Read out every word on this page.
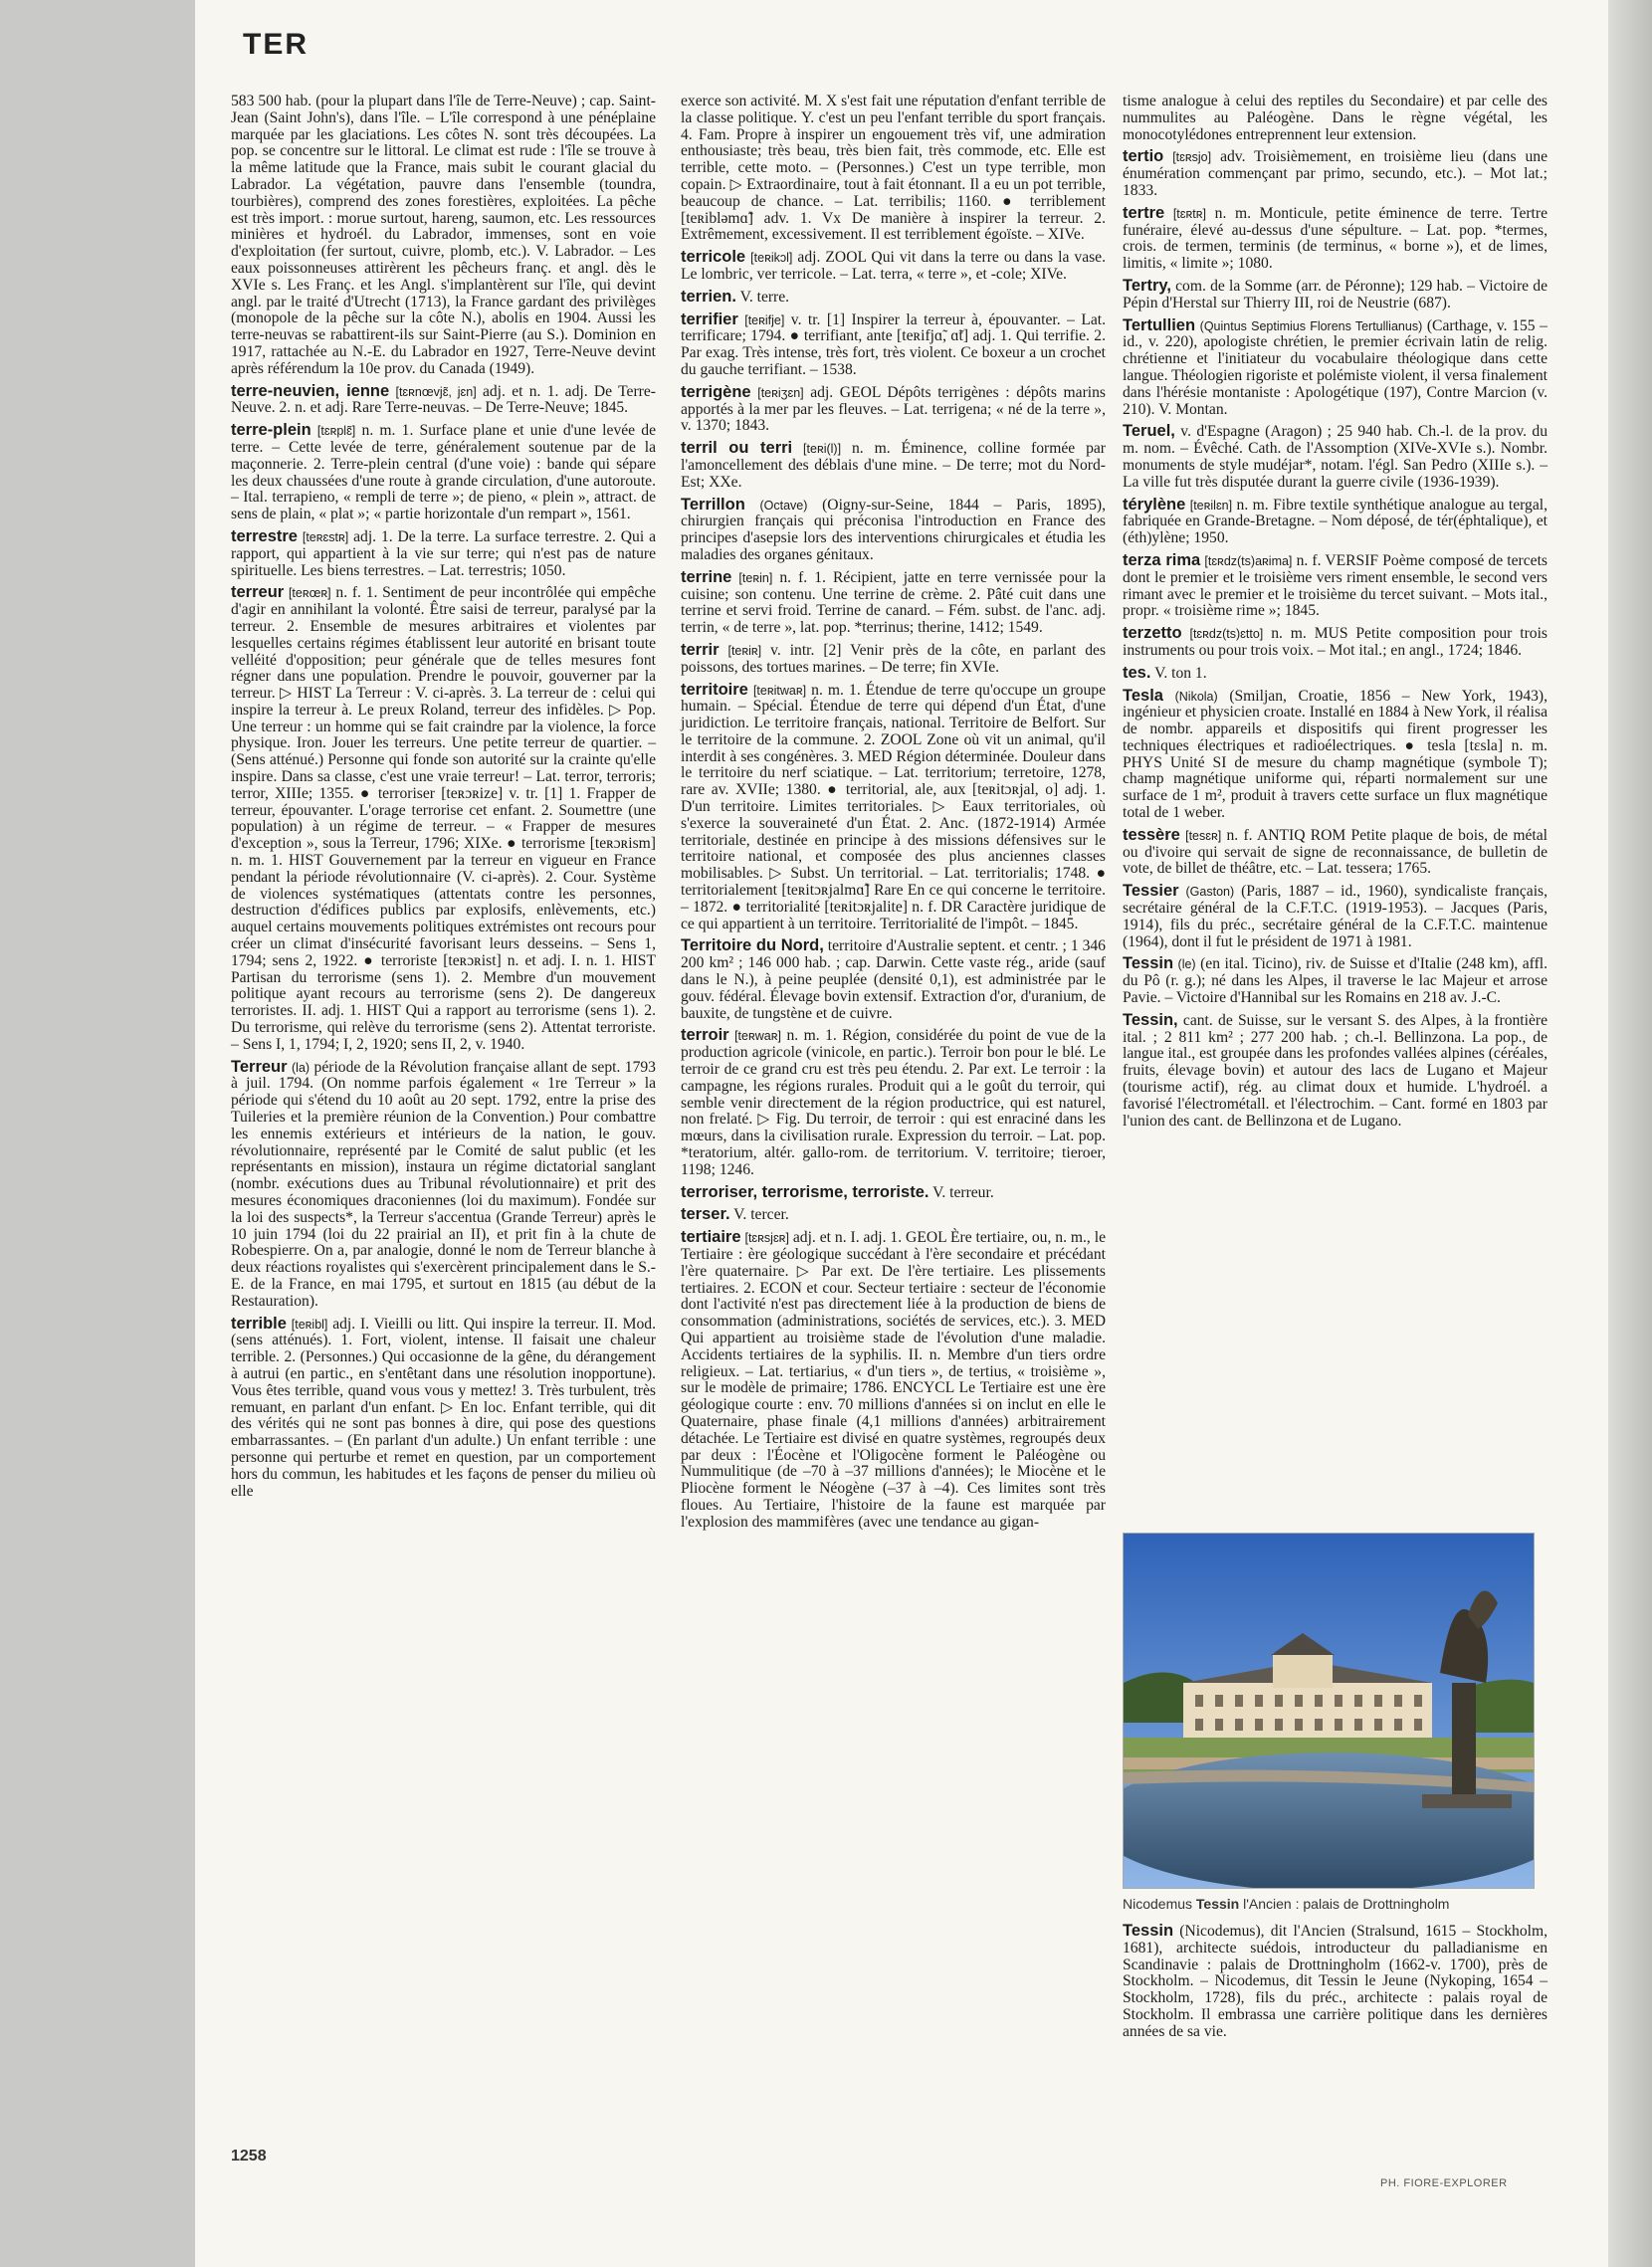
TER
583 500 hab. (pour la plupart dans l'île de Terre-Neuve) ; cap. Saint-Jean (Saint John's), dans l'île. – L'île correspond à une pénéplaine marquée par les glaciations. Les côtes N. sont très découpées. La pop. se concentre sur le littoral. Le climat est rude : l'île se trouve à la même latitude que la France, mais subit le courant glacial du Labrador. La végétation, pauvre dans l'ensemble (toundra, tourbières), comprend des zones forestières, exploitées. La pêche est très import. : morue surtout, hareng, saumon, etc. Les ressources minières et hydroél. du Labrador, immenses, sont en voie d'exploitation (fer surtout, cuivre, plomb, etc.). V. Labrador. – Les eaux poissonneuses attirèrent les pêcheurs franç. et angl. dès le XVIe s. Les Franç. et les Angl. s'implantèrent sur l'île, qui devint angl. par le traité d'Utrecht (1713), la France gardant des privilèges (monopole de la pêche sur la côte N.), abolis en 1904. Aussi les terre-neuvas se rabattirent-ils sur Saint-Pierre (au S.). Dominion en 1917, rattachée au N.-E. du Labrador en 1927, Terre-Neuve devint après référendum la 10e prov. du Canada (1949).
terre-neuvien, ienne [tɛʀnœvjɛ̃, jɛn] adj. et n. 1. adj. De Terre-Neuve. 2. n. et adj. Rare Terre-neuvas. – De Terre-Neuve; 1845.
terre-plein [tɛʀplɛ̃] n. m. 1. Surface plane et unie d'une levée de terre. – Cette levée de terre, généralement soutenue par de la maçonnerie. 2. Terre-plein central (d'une voie) : bande qui sépare les deux chaussées d'une route à grande circulation, d'une autoroute. – Ital. terrapieno, « rempli de terre »; de pieno, « plein », attract. de sens de plain, « plat »; « partie horizontale d'un rempart », 1561.
terrestre [teʀɛstʀ] adj. 1. De la terre. La surface terrestre. 2. Qui a rapport, qui appartient à la vie sur terre; qui n'est pas de nature spirituelle. Les biens terrestres. – Lat. terrestris; 1050.
terreur [teʀœʀ] n. f. 1. Sentiment de peur incontrôlée qui empêche d'agir en annihilant la volonté. Être saisi de terreur, paralysé par la terreur. 2. Ensemble de mesures arbitraires et violentes par lesquelles certains régimes établissent leur autorité en brisant toute velléité d'opposition; peur générale que de telles mesures font régner dans une population. Prendre le pouvoir, gouverner par la terreur. ▷ HIST La Terreur : V. ci-après. 3. La terreur de : celui qui inspire la terreur à. Le preux Roland, terreur des infidèles. ▷ Pop. Une terreur : un homme qui se fait craindre par la violence, la force physique. Iron. Jouer les terreurs. Une petite terreur de quartier. – (Sens atténué.) Personne qui fonde son autorité sur la crainte qu'elle inspire. Dans sa classe, c'est une vraie terreur! – Lat. terror, terroris; terror, XIIIe; 1355. ● terroriser [teʀɔʀize] v. tr. [1] 1. Frapper de terreur, épouvanter. L'orage terrorise cet enfant. 2. Soumettre (une population) à un régime de terreur. – « Frapper de mesures d'exception », sous la Terreur, 1796; XIXe. ● terrorisme [teʀɔʀism] n. m. 1. HIST Gouvernement par la terreur en vigueur en France pendant la période révolutionnaire (V. ci-après). 2. Cour. Système de violences systématiques (attentats contre les personnes, destruction d'édifices publics par explosifs, enlèvements, etc.) auquel certains mouvements politiques extrémistes ont recours pour créer un climat d'insécurité favorisant leurs desseins. – Sens 1, 1794; sens 2, 1922. ● terroriste [teʀɔʀist] n. et adj. I. n. 1. HIST Partisan du terrorisme (sens 1). 2. Membre d'un mouvement politique ayant recours au terrorisme (sens 2). De dangereux terroristes. II. adj. 1. HIST Qui a rapport au terrorisme (sens 1). 2. Du terrorisme, qui relève du terrorisme (sens 2). Attentat terroriste. – Sens I, 1, 1794; I, 2, 1920; sens II, 2, v. 1940.
Terreur (la) période de la Révolution française allant de sept. 1793 à juil. 1794. (On nomme parfois également « 1re Terreur » la période qui s'étend du 10 août au 20 sept. 1792, entre la prise des Tuileries et la première réunion de la Convention.) Pour combattre les ennemis extérieurs et intérieurs de la nation, le gouv. révolutionnaire, représenté par le Comité de salut public (et les représentants en mission), instaura un régime dictatorial sanglant (nombr. exécutions dues au Tribunal révolutionnaire) et prit des mesures économiques draconiennes (loi du maximum). Fondée sur la loi des suspects*, la Terreur s'accentua (Grande Terreur) après le 10 juin 1794 (loi du 22 prairial an II), et prit fin à la chute de Robespierre. On a, par analogie, donné le nom de Terreur blanche à deux réactions royalistes qui s'exercèrent principalement dans le S.-E. de la France, en mai 1795, et surtout en 1815 (au début de la Restauration).
terrible [teʀibl] adj. I. Vieilli ou litt. Qui inspire la terreur. II. Mod. (sens atténués). 1. Fort, violent, intense. Il faisait une chaleur terrible. 2. (Personnes.) Qui occasionne de la gêne, du dérangement à autrui (en partic., en s'entêtant dans une résolution inopportune). Vous êtes terrible, quand vous vous y mettez! 3. Très turbulent, très remuant, en parlant d'un enfant. ▷ En loc. Enfant terrible, qui dit des vérités qui ne sont pas bonnes à dire, qui pose des questions embarrassantes. – (En parlant d'un adulte.) Un enfant terrible : une personne qui perturbe et remet en question, par un comportement hors du commun, les habitudes et les façons de penser du milieu où elle
exerce son activité. M. X s'est fait une réputation d'enfant terrible de la classe politique. Y. c'est un peu l'enfant terrible du sport français. 4. Fam. Propre à inspirer un engouement très vif, une admiration enthousiaste; très beau, très bien fait, très commode, etc. Elle est terrible, cette moto. – (Personnes.) C'est un type terrible, mon copain. ▷ Extraordinaire, tout à fait étonnant. Il a eu un pot terrible, beaucoup de chance. – Lat. terribilis; 1160. ● terriblement [teʀibləmɑ̃] adv. 1. Vx De manière à inspirer la terreur. 2. Extrêmement, excessivement. Il est terriblement égoïste. – XIVe.
terricole [teʀikɔl] adj. ZOOL Qui vit dans la terre ou dans la vase. Le lombric, ver terricole. – Lat. terra, « terre », et -cole; XIVe.
terrien. V. terre.
terrifier [teʀifje] v. tr. [1] Inspirer la terreur à, épouvanter. – Lat. terrificare; 1794. ● terrifiant, ante [teʀifjɑ̃, ɑ̃t] adj. 1. Qui terrifie. 2. Par exag. Très intense, très fort, très violent. Ce boxeur a un crochet du gauche terrifiant. – 1538.
terrigène [teʀiʒɛn] adj. GEOL Dépôts terrigènes : dépôts marins apportés à la mer par les fleuves. – Lat. terrigena; « né de la terre », v. 1370; 1843.
terril ou terri [teʀi(l)] n. m. Éminence, colline formée par l'amoncellement des déblais d'une mine. – De terre; mot du Nord-Est; XXe.
Terrillon (Octave) (Oigny-sur-Seine, 1844 – Paris, 1895), chirurgien français qui préconisa l'introduction en France des principes d'asepsie lors des interventions chirurgicales et étudia les maladies des organes génitaux.
terrine [teʀin] n. f. 1. Récipient, jatte en terre vernissée pour la cuisine; son contenu. Une terrine de crème. 2. Pâté cuit dans une terrine et servi froid. Terrine de canard. – Fém. subst. de l'anc. adj. terrin, « de terre », lat. pop. *terrinus; therine, 1412; 1549.
terrir [teʀiʀ] v. intr. [2] Venir près de la côte, en parlant des poissons, des tortues marines. – De terre; fin XVIe.
territoire [teʀitwaʀ] n. m. 1. Étendue de terre qu'occupe un groupe humain. – Spécial. Étendue de terre qui dépend d'un État, d'une juridiction. Le territoire français, national. Territoire de Belfort. Sur le territoire de la commune. 2. ZOOL Zone où vit un animal, qu'il interdit à ses congénères. 3. MED Région déterminée. Douleur dans le territoire du nerf sciatique. – Lat. territorium; terretoire, 1278, rare av. XVIIe; 1380. ● territorial, ale, aux [teʀitɔʀjal, o] adj. 1. D'un territoire. Limites territoriales. ▷ Eaux territoriales, où s'exerce la souveraineté d'un État. 2. Anc. (1872-1914) Armée territoriale, destinée en principe à des missions défensives sur le territoire national, et composée des plus anciennes classes mobilisables. ▷ Subst. Un territorial. – Lat. territorialis; 1748. ● territorialement [teʀitɔʀjalmɑ̃] Rare En ce qui concerne le territoire. – 1872. ● territorialité [teʀitɔʀjalite] n. f. DR Caractère juridique de ce qui appartient à un territoire. Territorialité de l'impôt. – 1845.
Territoire du Nord, territoire d'Australie septent. et centr. ; 1 346 200 km² ; 146 000 hab. ; cap. Darwin. Cette vaste rég., aride (sauf dans le N.), à peine peuplée (densité 0,1), est administrée par le gouv. fédéral. Élevage bovin extensif. Extraction d'or, d'uranium, de bauxite, de tungstène et de cuivre.
terroir [teʀwaʀ] n. m. 1. Région, considérée du point de vue de la production agricole (vinicole, en partic.). Terroir bon pour le blé. Le terroir de ce grand cru est très peu étendu. 2. Par ext. Le terroir : la campagne, les régions rurales. Produit qui a le goût du terroir, qui semble venir directement de la région productrice, qui est naturel, non frelaté. ▷ Fig. Du terroir, de terroir : qui est enraciné dans les mœurs, dans la civilisation rurale. Expression du terroir. – Lat. pop. *teratorium, altér. gallo-rom. de territorium. V. territoire; tieroer, 1198; 1246.
terroriser, terrorisme, terroriste. V. terreur.
terser. V. tercer.
tertiaire [tɛʀsjɛʀ] adj. et n. I. adj. 1. GEOL Ère tertiaire, ou, n. m., le Tertiaire : ère géologique succédant à l'ère secondaire et précédant l'ère quaternaire. ▷ Par ext. De l'ère tertiaire. Les plissements tertiaires. 2. ECON et cour. Secteur tertiaire : secteur de l'économie dont l'activité n'est pas directement liée à la production de biens de consommation (administrations, sociétés de services, etc.). 3. MED Qui appartient au troisième stade de l'évolution d'une maladie. Accidents tertiaires de la syphilis. II. n. Membre d'un tiers ordre religieux. – Lat. tertiarius, « d'un tiers », de tertius, « troisième », sur le modèle de primaire; 1786. ENCYCL Le Tertiaire est une ère géologique courte : env. 70 millions d'années si on inclut en elle le Quaternaire, phase finale (4,1 millions d'années) arbitrairement détachée. Le Tertiaire est divisé en quatre systèmes, regroupés deux par deux : l'Éocène et l'Oligocène forment le Paléogène ou Nummulitique (de –70 à –37 millions d'années); le Miocène et le Pliocène forment le Néogène (–37 à –4). Ces limites sont très floues. Au Tertiaire, l'histoire de la faune est marquée par l'explosion des mammifères (avec une tendance au gigan-
tisme analogue à celui des reptiles du Secondaire) et par celle des nummulites au Paléogène. Dans le règne végétal, les monocotylédones entreprennent leur extension.
tertio [tɛʀsjo] adv. Troisièmement, en troisième lieu (dans une énumération commençant par primo, secundo, etc.). – Mot lat.; 1833.
tertre [tɛʀtʀ] n. m. Monticule, petite éminence de terre. Tertre funéraire, élevé au-dessus d'une sépulture. – Lat. pop. *termes, crois. de termen, terminis (de terminus, « borne »), et de limes, limitis, « limite »; 1080.
Tertry, com. de la Somme (arr. de Péronne); 129 hab. – Victoire de Pépin d'Herstal sur Thierry III, roi de Neustrie (687).
Tertullien (Quintus Septimius Florens Tertullianus) (Carthage, v. 155 – id., v. 220), apologiste chrétien, le premier écrivain latin de relig. chrétienne et l'initiateur du vocabulaire théologique dans cette langue. Théologien rigoriste et polémiste violent, il versa finalement dans l'hérésie montaniste : Apologétique (197), Contre Marcion (v. 210). V. Montan.
Teruel, v. d'Espagne (Aragon) ; 25 940 hab. Ch.-l. de la prov. du m. nom. – Évêché. Cath. de l'Assomption (XIVe-XVIe s.). Nombr. monuments de style mudéjar*, notam. l'égl. San Pedro (XIIIe s.). – La ville fut très disputée durant la guerre civile (1936-1939).
térylène [teʀilɛn] n. m. Fibre textile synthétique analogue au tergal, fabriquée en Grande-Bretagne. – Nom déposé, de tér(éphtalique), et (éth)ylène; 1950.
terza rima [tɛʀdz(ts)aʀima] n. f. VERSIF Poème composé de tercets dont le premier et le troisième vers riment ensemble, le second vers rimant avec le premier et le troisième du tercet suivant. – Mots ital., propr. « troisième rime »; 1845.
terzetto [tɛʀdz(ts)ɛtto] n. m. MUS Petite composition pour trois instruments ou pour trois voix. – Mot ital.; en angl., 1724; 1846.
tes. V. ton 1.
Tesla (Nikola) (Smiljan, Croatie, 1856 – New York, 1943), ingénieur et physicien croate. Installé en 1884 à New York, il réalisa de nombr. appareils et dispositifs qui firent progresser les techniques électriques et radioélectriques. ● tesla [tɛsla] n. m. PHYS Unité SI de mesure du champ magnétique (symbole T); champ magnétique uniforme qui, réparti normalement sur une surface de 1 m², produit à travers cette surface un flux magnétique total de 1 weber.
tessère [tesɛʀ] n. f. ANTIQ ROM Petite plaque de bois, de métal ou d'ivoire qui servait de signe de reconnaissance, de bulletin de vote, de billet de théâtre, etc. – Lat. tessera; 1765.
Tessier (Gaston) (Paris, 1887 – id., 1960), syndicaliste français, secrétaire général de la C.F.T.C. (1919-1953). – Jacques (Paris, 1914), fils du préc., secrétaire général de la C.F.T.C. maintenue (1964), dont il fut le président de 1971 à 1981.
Tessin (le) (en ital. Ticino), riv. de Suisse et d'Italie (248 km), affl. du Pô (r. g.); né dans les Alpes, il traverse le lac Majeur et arrose Pavie. – Victoire d'Hannibal sur les Romains en 218 av. J.-C.
Tessin, cant. de Suisse, sur le versant S. des Alpes, à la frontière ital. ; 2 811 km² ; 277 200 hab. ; ch.-l. Bellinzona. La pop., de langue ital., est groupée dans les profondes vallées alpines (céréales, fruits, élevage bovin) et autour des lacs de Lugano et Majeur (tourisme actif), rég. au climat doux et humide. L'hydroél. a favorisé l'électrométall. et l'électrochim. – Cant. formé en 1803 par l'union des cant. de Bellinzona et de Lugano.
Nicodemus Tessin l'Ancien : palais de Drottningholm
Tessin (Nicodemus), dit l'Ancien (Stralsund, 1615 – Stockholm, 1681), architecte suédois, introducteur du palladianisme en Scandinavie : palais de Drottningholm (1662-v. 1700), près de Stockholm. – Nicodemus, dit Tessin le Jeune (Nykoping, 1654 – Stockholm, 1728), fils du préc., architecte : palais royal de Stockholm. Il embrassa une carrière politique dans les dernières années de sa vie.
1258
PH. FIORE-EXPLORER
